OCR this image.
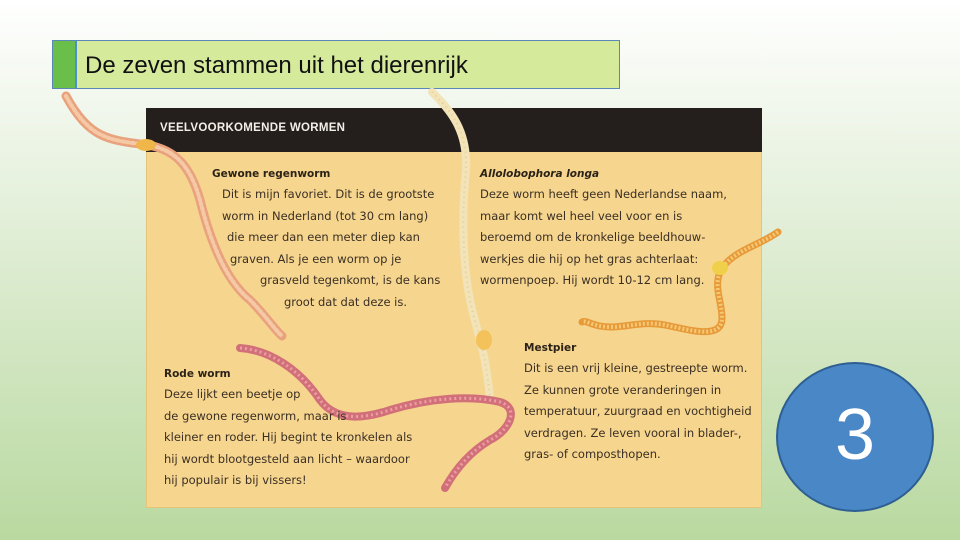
De zeven stammen uit het dierenrijk
VEELVOORKOMENDE WORMEN
Gewone regenworm
Dit is mijn favoriet. Dit is de grootste
worm in Nederland (tot 30 cm lang)
die meer dan een meter diep kan
graven. Als je een worm op je
grasveld tegenkomt, is de kans
groot dat dat deze is.
Allolobophora longa
Deze worm heeft geen Nederlandse naam,
maar komt wel heel veel voor en is
beroemd om de kronkelige beeldhouw-
werkjes die hij op het gras achterlaat:
wormenpoep. Hij wordt 10-12 cm lang.
Rode worm
Deze lijkt een beetje op
de gewone regenworm, maar is
kleiner en roder. Hij begint te kronkelen als
hij wordt blootgesteld aan licht – waardoor
hij populair is bij vissers!
Mestpier
Dit is een vrij kleine, gestreepte worm.
Ze kunnen grote veranderingen in
temperatuur, zuurgraad en vochtigheid
verdragen. Ze leven vooral in blader-,
gras- of composthopen.	3
